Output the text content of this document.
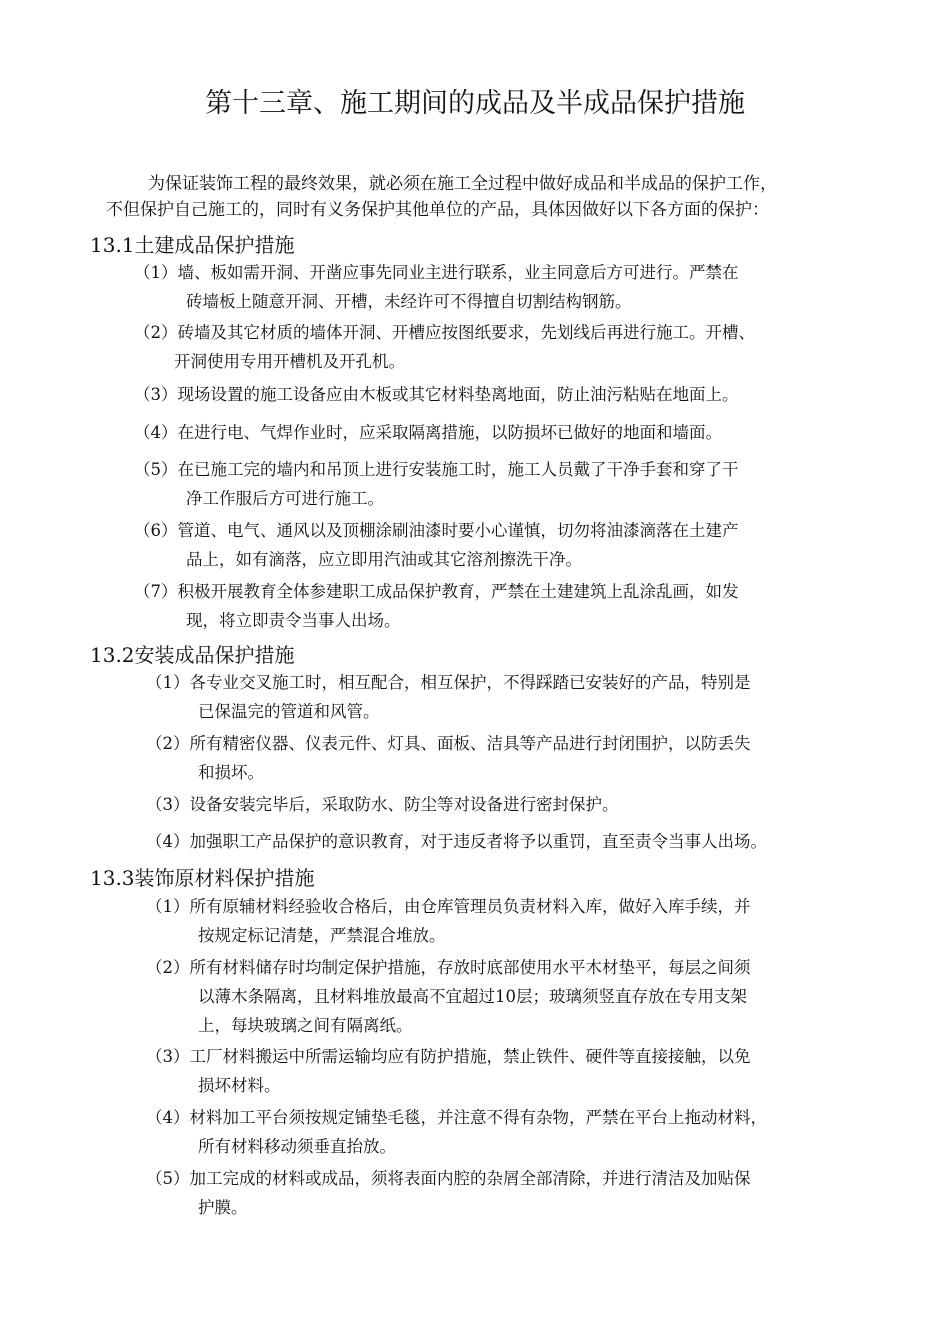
第十三章、施工期间的成品及半成品保护措施
为保证装饰工程的最终效果，就必须在施工全过程中做好成品和半成品的保护工作，
不但保护自己施工的，同时有义务保护其他单位的产品，具体因做好以下各方面的保护：
13.1土建成品保护措施
（1）墙、板如需开洞、开凿应事先同业主进行联系，业主同意后方可进行。严禁在
砖墙板上随意开洞、开槽，未经许可不得擅自切割结构钢筋。
（2）砖墙及其它材质的墙体开洞、开槽应按图纸要求，先划线后再进行施工。开槽、
开洞使用专用开槽机及开孔机。
（3）现场设置的施工设备应由木板或其它材料垫离地面，防止油污粘贴在地面上。
（4）在进行电、气焊作业时，应采取隔离措施，以防损坏已做好的地面和墙面。
（5）在已施工完的墙内和吊顶上进行安装施工时，施工人员戴了干净手套和穿了干
净工作服后方可进行施工。
（6）管道、电气、通风以及顶棚涂刷油漆时要小心谨慎，切勿将油漆滴落在土建产
品上，如有滴落，应立即用汽油或其它溶剂擦洗干净。
（7）积极开展教育全体参建职工成品保护教育，严禁在土建建筑上乱涂乱画，如发
现，将立即责令当事人出场。
13.2安装成品保护措施
（1）各专业交叉施工时，相互配合，相互保护，不得踩踏已安装好的产品，特别是
已保温完的管道和风管。
（2）所有精密仪器、仪表元件、灯具、面板、洁具等产品进行封闭围护，以防丢失
和损坏。
（3）设备安装完毕后，采取防水、防尘等对设备进行密封保护。
（4）加强职工产品保护的意识教育，对于违反者将予以重罚，直至责令当事人出场。
13.3装饰原材料保护措施
（1）所有原辅材料经验收合格后，由仓库管理员负责材料入库，做好入库手续，并
按规定标记清楚，严禁混合堆放。
（2）所有材料储存时均制定保护措施，存放时底部使用水平木材垫平，每层之间须
以薄木条隔离，且材料堆放最高不宜超过10层；玻璃须竖直存放在专用支架
上，每块玻璃之间有隔离纸。
（3）工厂材料搬运中所需运输均应有防护措施，禁止铁件、硬件等直接接触，以免
损坏材料。
（4）材料加工平台须按规定铺垫毛毯，并注意不得有杂物，严禁在平台上拖动材料，
所有材料移动须垂直抬放。
（5）加工完成的材料或成品，须将表面内腔的杂屑全部清除，并进行清洁及加贴保
护膜。
